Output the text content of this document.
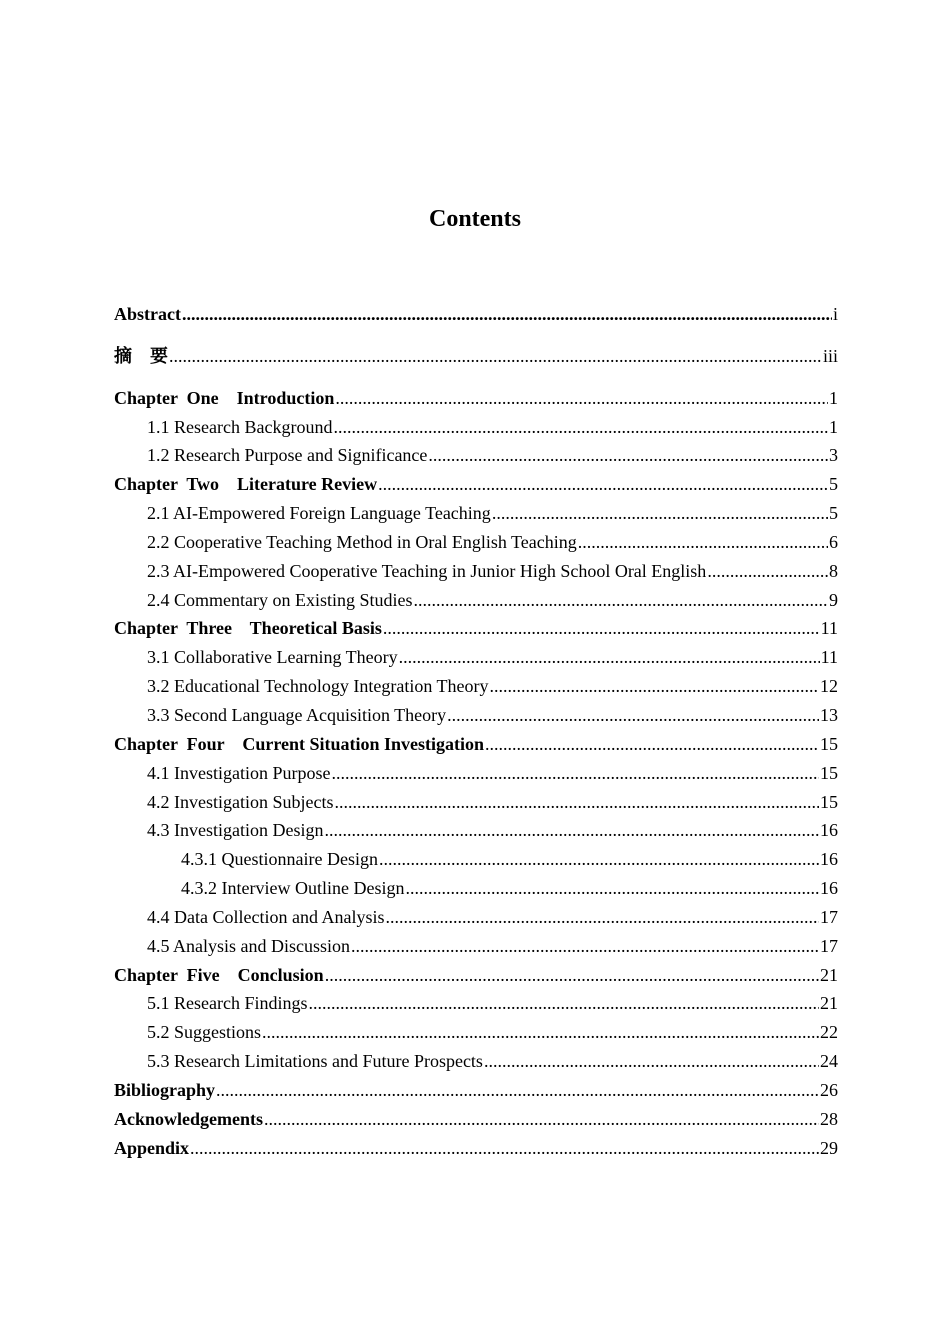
Contents
Abstract .....	i
摘　要 .....	iii
Chapter  One    Introduction .....	1
1.1 Research Background .....	1
1.2 Research Purpose and Significance .....	3
Chapter  Two    Literature Review .....	5
2.1 AI-Empowered Foreign Language Teaching .....	5
2.2 Cooperative Teaching Method in Oral English Teaching .....	6
2.3 AI-Empowered Cooperative Teaching in Junior High School Oral English .....	8
2.4 Commentary on Existing Studies .....	9
Chapter  Three    Theoretical Basis .....	11
3.1 Collaborative Learning Theory .....	11
3.2 Educational Technology Integration Theory .....	12
3.3 Second Language Acquisition Theory .....	13
Chapter  Four    Current Situation Investigation .....	15
4.1 Investigation Purpose .....	15
4.2 Investigation Subjects .....	15
4.3 Investigation Design .....	16
4.3.1 Questionnaire Design .....	16
4.3.2 Interview Outline Design .....	16
4.4 Data Collection and Analysis .....	17
4.5 Analysis and Discussion .....	17
Chapter  Five    Conclusion .....	21
5.1 Research Findings .....	21
5.2 Suggestions .....	22
5.3 Research Limitations and Future Prospects .....	24
Bibliography .....	26
Acknowledgements .....	28
Appendix .....	29
